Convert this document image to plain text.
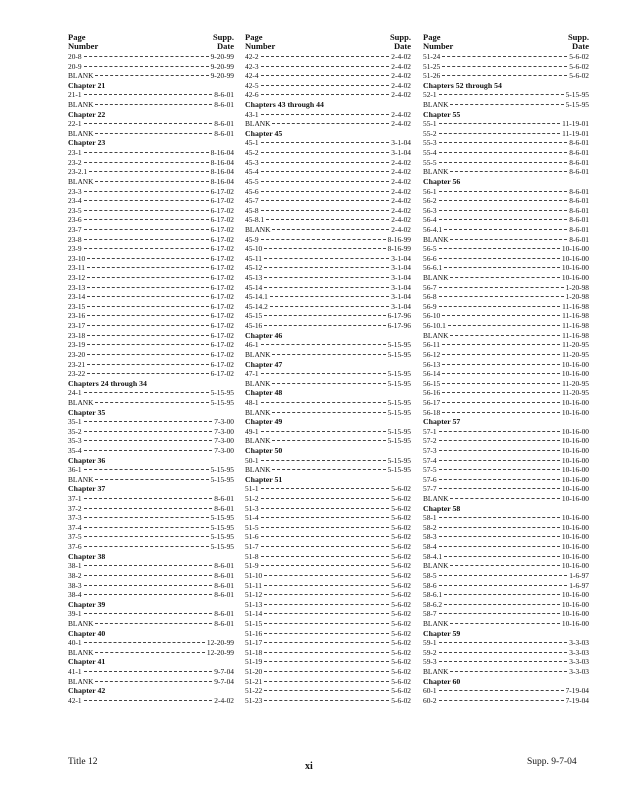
Page	Supp.
Number	Date
20-8	9-20-99
20-9	9-20-99
BLANK	9-20-99
Chapter 21
21-1	8-6-01
BLANK	8-6-01
Chapter 22
22-1	8-6-01
BLANK	8-6-01
Chapter 23
23-1	8-16-04
23-2	8-16-04
23-2.1	8-16-04
BLANK	8-16-04
23-3	6-17-02
23-4	6-17-02
23-5	6-17-02
23-6	6-17-02
23-7	6-17-02
23-8	6-17-02
23-9	6-17-02
23-10	6-17-02
23-11	6-17-02
23-12	6-17-02
23-13	6-17-02
23-14	6-17-02
23-15	6-17-02
23-16	6-17-02
23-17	6-17-02
23-18	6-17-02
23-19	6-17-02
23-20	6-17-02
23-21	6-17-02
23-22	6-17-02
Chapters 24 through 34
24-1	5-15-95
BLANK	5-15-95
Chapter 35
35-1	7-3-00
35-2	7-3-00
35-3	7-3-00
35-4	7-3-00
Chapter 36
36-1	5-15-95
BLANK	5-15-95
Chapter 37
37-1	8-6-01
37-2	8-6-01
37-3	5-15-95
37-4	5-15-95
37-5	5-15-95
37-6	5-15-95
Chapter 38
38-1	8-6-01
38-2	8-6-01
38-3	8-6-01
38-4	8-6-01
Chapter 39
39-1	8-6-01
BLANK	8-6-01
Chapter 40
40-1	12-20-99
BLANK	12-20-99
Chapter 41
41-1	9-7-04
BLANK	9-7-04
Chapter 42
42-1	2-4-02
Page	Supp.
Number	Date
42-2	2-4-02
42-3	2-4-02
42-4	2-4-02
42-5	2-4-02
42-6	2-4-02
Chapters 43 through 44
43-1	2-4-02
BLANK	2-4-02
Chapter 45
45-1	3-1-04
45-2	3-1-04
45-3	2-4-02
45-4	2-4-02
45-5	2-4-02
45-6	2-4-02
45-7	2-4-02
45-8	2-4-02
45-8.1	2-4-02
BLANK	2-4-02
45-9	8-16-99
45-10	8-16-99
45-11	3-1-04
45-12	3-1-04
45-13	3-1-04
45-14	3-1-04
45-14.1	3-1-04
45-14.2	3-1-04
45-15	6-17-96
45-16	6-17-96
Chapter 46
46-1	5-15-95
BLANK	5-15-95
Chapter 47
47-1	5-15-95
BLANK	5-15-95
Chapter 48
48-1	5-15-95
BLANK	5-15-95
Chapter 49
49-1	5-15-95
BLANK	5-15-95
Chapter 50
50-1	5-15-95
BLANK	5-15-95
Chapter 51
51-1	5-6-02
51-2	5-6-02
51-3	5-6-02
51-4	5-6-02
51-5	5-6-02
51-6	5-6-02
51-7	5-6-02
51-8	5-6-02
51-9	5-6-02
51-10	5-6-02
51-11	5-6-02
51-12	5-6-02
51-13	5-6-02
51-14	5-6-02
51-15	5-6-02
51-16	5-6-02
51-17	5-6-02
51-18	5-6-02
51-19	5-6-02
51-20	5-6-02
51-21	5-6-02
51-22	5-6-02
51-23	5-6-02
Page	Supp.
Number	Date
51-24	5-6-02
51-25	5-6-02
51-26	5-6-02
Chapters 52 through 54
52-1	5-15-95
BLANK	5-15-95
Chapter 55
55-1	11-19-01
55-2	11-19-01
55-3	8-6-01
55-4	8-6-01
55-5	8-6-01
BLANK	8-6-01
Chapter 56
56-1	8-6-01
56-2	8-6-01
56-3	8-6-01
56-4	8-6-01
56-4.1	8-6-01
BLANK	8-6-01
56-5	10-16-00
56-6	10-16-00
56-6.1	10-16-00
BLANK	10-16-00
56-7	1-20-98
56-8	1-20-98
56-9	11-16-98
56-10	11-16-98
56-10.1	11-16-98
BLANK	11-16-98
56-11	11-20-95
56-12	11-20-95
56-13	10-16-00
56-14	10-16-00
56-15	11-20-95
56-16	11-20-95
56-17	10-16-00
56-18	10-16-00
Chapter 57
57-1	10-16-00
57-2	10-16-00
57-3	10-16-00
57-4	10-16-00
57-5	10-16-00
57-6	10-16-00
57-7	10-16-00
BLANK	10-16-00
Chapter 58
58-1	10-16-00
58-2	10-16-00
58-3	10-16-00
58-4	10-16-00
58-4.1	10-16-00
BLANK	10-16-00
58-5	1-6-97
58-6	1-6-97
58-6.1	10-16-00
58-6.2	10-16-00
58-7	10-16-00
BLANK	10-16-00
Chapter 59
59-1	3-3-03
59-2	3-3-03
59-3	3-3-03
BLANK	3-3-03
Chapter 60
60-1	7-19-04
60-2	7-19-04
Title 12	xi	Supp. 9-7-04
